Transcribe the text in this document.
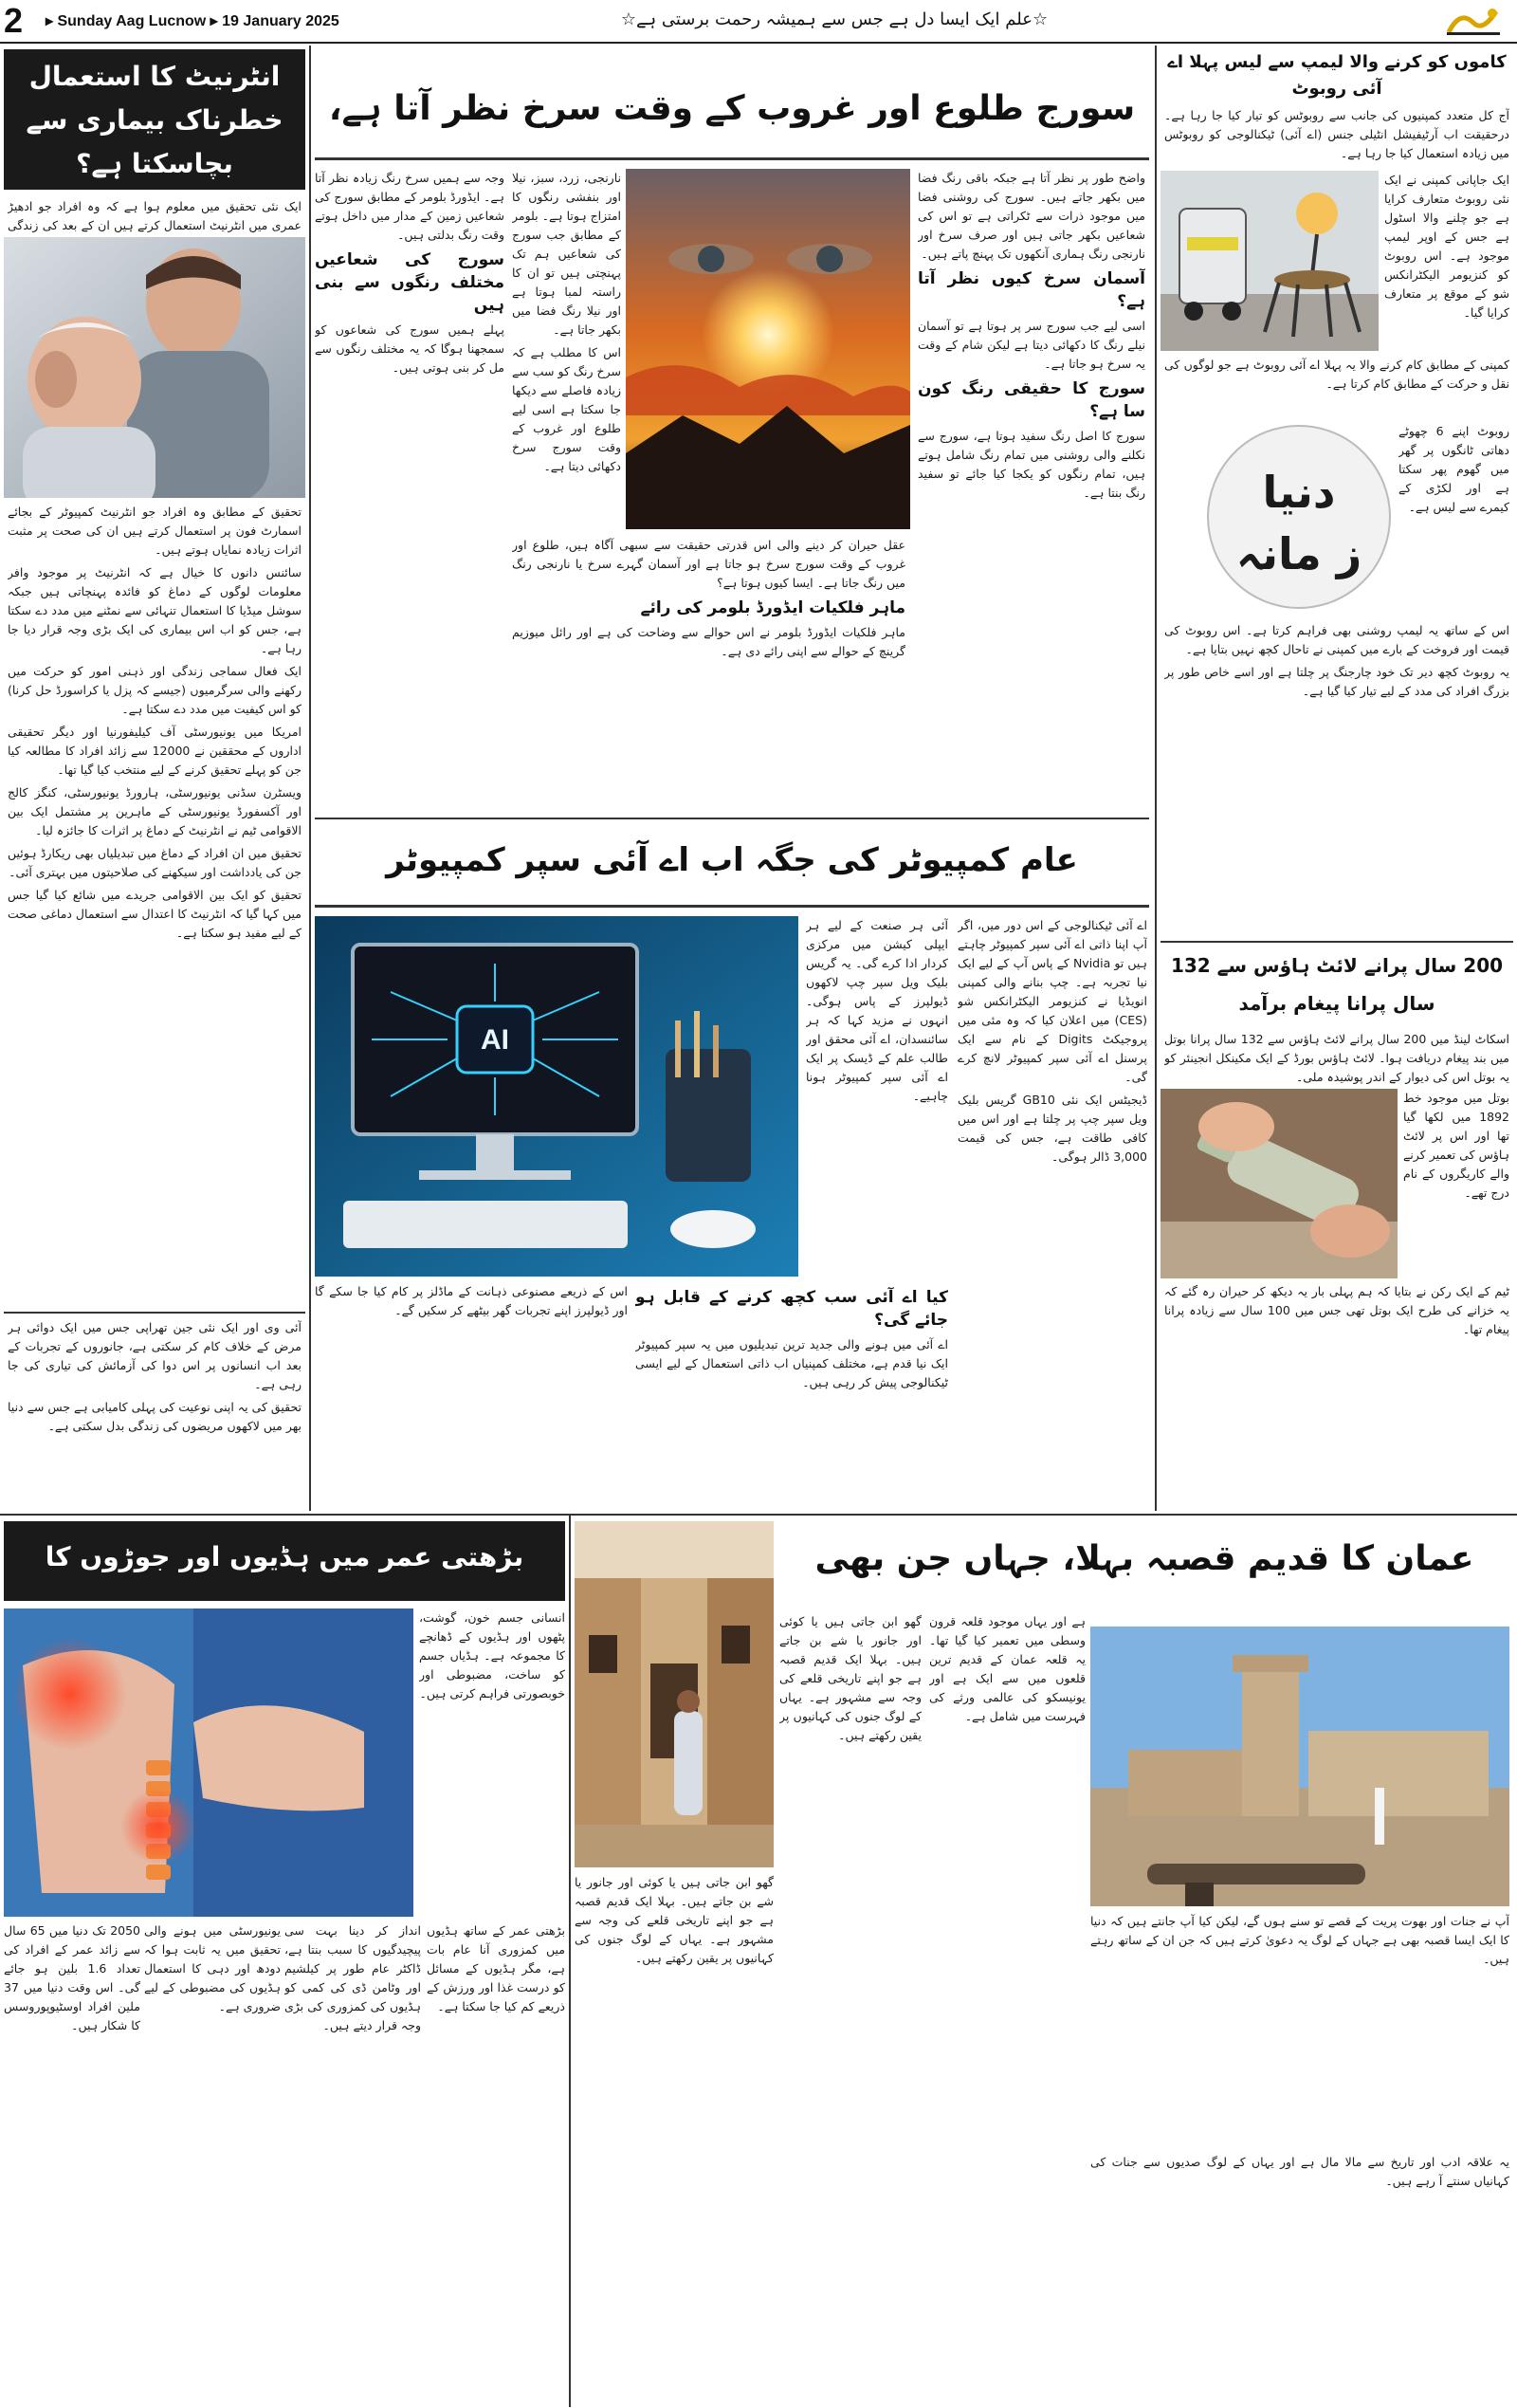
2 ▸ Sunday Aag Lucnow ▸ 19 January 2025	☆علم ایک ایسا دل ہے جس سے ہمیشہ رحمت برستی ہے☆
انٹرنیٹ کا استعمال خطرناک بیماری سے بچاسکتا ہے؟
ایک نئی تحقیق میں معلوم ہوا ہے کہ وہ افراد جو ادھیڑ عمری میں انٹرنیٹ استعمال کرتے ہیں ان کے بعد کی زندگی

تحقیق کے مطابق وہ افراد جو انٹرنیٹ کمپیوٹر کے بجائے اسمارٹ فون پر استعمال کرتے ہیں ان کی صحت پر مثبت اثرات زیادہ نمایاں ہوتے ہیں۔

سائنس دانوں کا خیال ہے کہ انٹرنیٹ پر موجود وافر معلومات لوگوں کے دماغ کو فائدہ پہنچاتی ہیں جبکہ سوشل میڈیا کا استعمال تنہائی سے نمٹنے میں مدد دے سکتا ہے، جس کو اب اس بیماری کی ایک بڑی وجہ قرار دیا جا رہا ہے۔

ایک فعال سماجی زندگی اور ذہنی امور کو حرکت میں رکھنے والی سرگرمیوں (جیسے کہ پزل یا کراسورڈ حل کرنا) کو اس کیفیت میں مدد دے سکتا ہے۔

امریکا میں یونیورسٹی آف کیلیفورنیا اور دیگر تحقیقی اداروں کے محققین نے 12000 سے زائد افراد کا مطالعہ کیا جن کو پہلے تحقیق کرنے کے لیے منتخب کیا گیا تھا۔

ویسٹرن سڈنی یونیورسٹی، ہارورڈ یونیورسٹی، کنگز کالج اور آکسفورڈ یونیورسٹی کے ماہرین پر مشتمل ایک بین الاقوامی ٹیم نے انٹرنیٹ کے دماغ پر اثرات کا جائزہ لیا۔

تحقیق میں ان افراد کے دماغ میں تبدیلیاں بھی ریکارڈ ہوئیں جن کی یادداشت اور سیکھنے کی صلاحیتوں میں بہتری آئی۔

تحقیق کو ایک بین الاقوامی جریدے میں شائع کیا گیا جس میں کہا گیا کہ انٹرنیٹ کا اعتدال سے استعمال دماغی صحت کے لیے مفید ہو سکتا ہے۔

آئی وی اور ایک نئی جین تھراپی جس میں ایک دوائی ہر مرض کے خلاف کام کر سکتی ہے، جانوروں کے تجربات کے بعد اب انسانوں پر اس دوا کی آزمائش کی تیاری کی جا رہی ہے۔

تحقیق کی یہ اپنی نوعیت کی پہلی کامیابی ہے جس سے دنیا بھر میں لاکھوں مریضوں کی زندگی بدل سکتی ہے۔

سورج طلوع اور غروب کے وقت سرخ نظر آتا ہے،

واضح طور پر نظر آتا ہے جبکہ باقی رنگ فضا میں بکھر جاتے ہیں۔ سورج کی روشنی فضا میں موجود ذرات سے ٹکراتی ہے تو اس کی شعاعیں بکھر جاتی ہیں اور صرف سرخ اور نارنجی رنگ ہماری آنکھوں تک پہنچ پاتے ہیں۔

آسمان سرخ کیوں نظر آتا ہے؟

اسی لیے جب سورج سر پر ہوتا ہے تو آسمان نیلے رنگ کا دکھائی دیتا ہے لیکن شام کے وقت یہ سرخ ہو جاتا ہے۔

سورج کا حقیقی رنگ کون سا ہے؟

سورج کا اصل رنگ سفید ہوتا ہے، سورج سے نکلنے والی روشنی میں تمام رنگ شامل ہوتے ہیں، تمام رنگوں کو یکجا کیا جائے تو سفید رنگ بنتا ہے۔

نارنجی، زرد، سبز، نیلا اور بنفشی رنگوں کا امتزاج ہوتا ہے۔ بلومر کے مطابق جب سورج کی شعاعیں ہم تک پہنچتی ہیں تو ان کا راستہ لمبا ہوتا ہے اور نیلا رنگ فضا میں بکھر جاتا ہے۔

اس کا مطلب ہے کہ سرخ رنگ کو سب سے زیادہ فاصلے سے دیکھا جا سکتا ہے اسی لیے طلوع اور غروب کے وقت سورج سرخ دکھائی دیتا ہے۔

وجہ سے ہمیں سرخ رنگ زیادہ نظر آتا ہے۔ ایڈورڈ بلومر کے مطابق سورج کی شعاعیں زمین کے مدار میں داخل ہوتے وقت رنگ بدلتی ہیں۔

سورج کی شعاعیں مختلف رنگوں سے بنی ہیں

پہلے ہمیں سورج کی شعاعوں کو سمجھنا ہوگا کہ یہ مختلف رنگوں سے مل کر بنی ہوتی ہیں۔

عقل حیران کر دینے والی اس قدرتی حقیقت سے سبھی آگاہ ہیں، طلوع اور غروب کے وقت سورج سرخ ہو جاتا ہے اور آسمان گہرے سرخ یا نارنجی رنگ میں رنگ جاتا ہے۔ ایسا کیوں ہوتا ہے؟

ماہر فلکیات ایڈورڈ بلومر کی رائے

ماہر فلکیات ایڈورڈ بلومر نے اس حوالے سے وضاحت کی ہے اور رائل میوزیم گرینچ کے حوالے سے اپنی رائے دی ہے۔

عام کمپیوٹر کی جگہ اب اے آئی سپر کمپیوٹر
AI

اے آئی ٹیکنالوجی کے اس دور میں، اگر آپ اپنا ذاتی اے آئی سپر کمپیوٹر چاہتے ہیں تو Nvidia کے پاس آپ کے لیے ایک نیا تجربہ ہے۔ چپ بنانے والی کمپنی انویڈیا نے کنزیومر الیکٹرانکس شو (CES) میں اعلان کیا کہ وہ مئی میں پروجیکٹ Digits کے نام سے ایک پرسنل اے آئی سپر کمپیوٹر لانچ کرے گی۔

ڈیجیٹس ایک نئی GB10 گریس بلیک ویل سپر چپ پر چلتا ہے اور اس میں کافی طاقت ہے، جس کی قیمت 3,000 ڈالر ہوگی۔

آئی ہر صنعت کے لیے ہر ایپلی کیشن میں مرکزی کردار ادا کرے گی۔ یہ گریس بلیک ویل سپر چپ لاکھوں ڈیولپرز کے پاس ہوگی۔ انہوں نے مزید کہا کہ ہر سائنسدان، اے آئی محقق اور طالب علم کے ڈیسک پر ایک اے آئی سپر کمپیوٹر ہونا چاہیے۔

اس کے ذریعے مصنوعی ذہانت کے ماڈلز پر کام کیا جا سکے گا اور ڈیولپرز اپنے تجربات گھر بیٹھے کر سکیں گے۔

کیا اے آئی سب کچھ کرنے کے قابل ہو جائے گی؟

اے آئی میں ہونے والی جدید ترین تبدیلیوں میں یہ سپر کمپیوٹر ایک نیا قدم ہے، مختلف کمپنیاں اب ذاتی استعمال کے لیے ایسی ٹیکنالوجی پیش کر رہی ہیں۔

کاموں کو کرنے والا لیمپ سے لیس پہلا اے آئی روبوٹ
آج کل متعدد کمپنیوں کی جانب سے روبوٹس کو تیار کیا جا رہا ہے۔ درحقیقت اب آرٹیفیشل انٹیلی جنس (اے آئی) ٹیکنالوجی کو روبوٹس میں زیادہ استعمال کیا جا رہا ہے۔
ایک جاپانی کمپنی نے ایک نئی روبوٹ متعارف کرایا ہے جو چلنے والا اسٹول ہے جس کے اوپر لیمپ موجود ہے۔ اس روبوٹ کو کنزیومر الیکٹرانکس شو کے موقع پر متعارف کرایا گیا۔
کمپنی کے مطابق کام کرنے والا یہ پہلا اے آئی روبوٹ ہے جو لوگوں کی نقل و حرکت کے مطابق کام کرتا ہے۔
دنیا
ز مانہ
روبوٹ اپنے 6 چھوٹے دھاتی ٹانگوں پر گھر میں گھوم پھر سکتا ہے اور لکڑی کے کیمرے سے لیس ہے۔

اس کے ساتھ یہ لیمپ روشنی بھی فراہم کرتا ہے۔ اس روبوٹ کی قیمت اور فروخت کے بارے میں کمپنی نے تاحال کچھ نہیں بتایا ہے۔

یہ روبوٹ کچھ دیر تک خود چارجنگ پر چلتا ہے اور اسے خاص طور پر بزرگ افراد کی مدد کے لیے تیار کیا گیا ہے۔

200 سال پرانے لائٹ ہاؤس سے 132 سال پرانا پیغام برآمد
اسکاٹ لینڈ میں 200 سال پرانے لائٹ ہاؤس سے 132 سال پرانا بوتل میں بند پیغام دریافت ہوا۔ لائٹ ہاؤس بورڈ کے ایک مکینکل انجینئر کو یہ بوتل اس کی دیوار کے اندر پوشیدہ ملی۔
بوتل میں موجود خط 1892 میں لکھا گیا تھا اور اس پر لائٹ ہاؤس کی تعمیر کرنے والے کاریگروں کے نام درج تھے۔
ٹیم کے ایک رکن نے بتایا کہ ہم پہلی بار یہ دیکھ کر حیران رہ گئے کہ یہ خزانے کی طرح ایک بوتل تھی جس میں 100 سال سے زیادہ پرانا پیغام تھا۔
بڑھتی عمر میں ہڈیوں اور جوڑوں کا
انسانی جسم خون، گوشت، پٹھوں اور ہڈیوں کے ڈھانچے کا مجموعہ ہے۔ ہڈیاں جسم کو ساخت، مضبوطی اور خوبصورتی فراہم کرتی ہیں۔
بڑھتی عمر کے ساتھ ہڈیوں میں کمزوری آنا عام بات ہے، مگر ہڈیوں کے مسائل کو درست غذا اور ورزش کے ذریعے کم کیا جا سکتا ہے۔
انداز کر دینا بہت سی پیچیدگیوں کا سبب بنتا ہے، ڈاکٹر عام طور پر کیلشیم اور وٹامن ڈی کی کمی کو ہڈیوں کی کمزوری کی بڑی وجہ قرار دیتے ہیں۔
یونیورسٹی میں ہونے والی تحقیق میں یہ ثابت ہوا کہ دودھ اور دہی کا استعمال ہڈیوں کی مضبوطی کے لیے ضروری ہے۔
2050 تک دنیا میں 65 سال سے زائد عمر کے افراد کی تعداد 1.6 بلین ہو جائے گی۔ اس وقت دنیا میں 37 ملین افراد اوسٹیوپوروسس کا شکار ہیں۔
عمان کا قدیم قصبہ بہلا، جہاں جن بھی
گھو ابن جاتی ہیں یا کوئی اور جانور یا شے بن جاتے ہیں۔ بہلا ایک قدیم قصبہ ہے جو اپنے تاریخی قلعے کی وجہ سے مشہور ہے۔ یہاں کے لوگ جنوں کی کہانیوں پر یقین رکھتے ہیں۔
ہے اور یہاں موجود قلعہ قرون وسطی میں تعمیر کیا گیا تھا۔ یہ قلعہ عمان کے قدیم ترین قلعوں میں سے ایک ہے اور یونیسکو کی عالمی ورثے کی فہرست میں شامل ہے۔
آپ نے جنات اور بھوت پریت کے قصے تو سنے ہوں گے، لیکن کیا آپ جانتے ہیں کہ دنیا کا ایک ایسا قصبہ بھی ہے جہاں کے لوگ یہ دعویٰ کرتے ہیں کہ جن ان کے ساتھ رہتے ہیں۔
یہ علاقہ ادب اور تاریخ سے مالا مال ہے اور یہاں کے لوگ صدیوں سے جنات کی کہانیاں سنتے آ رہے ہیں۔
گھو ابن جاتی ہیں یا کوئی اور جانور یا شے بن جاتے ہیں۔ بہلا ایک قدیم قصبہ ہے جو اپنے تاریخی قلعے کی وجہ سے مشہور ہے۔ یہاں کے لوگ جنوں کی کہانیوں پر یقین رکھتے ہیں۔
